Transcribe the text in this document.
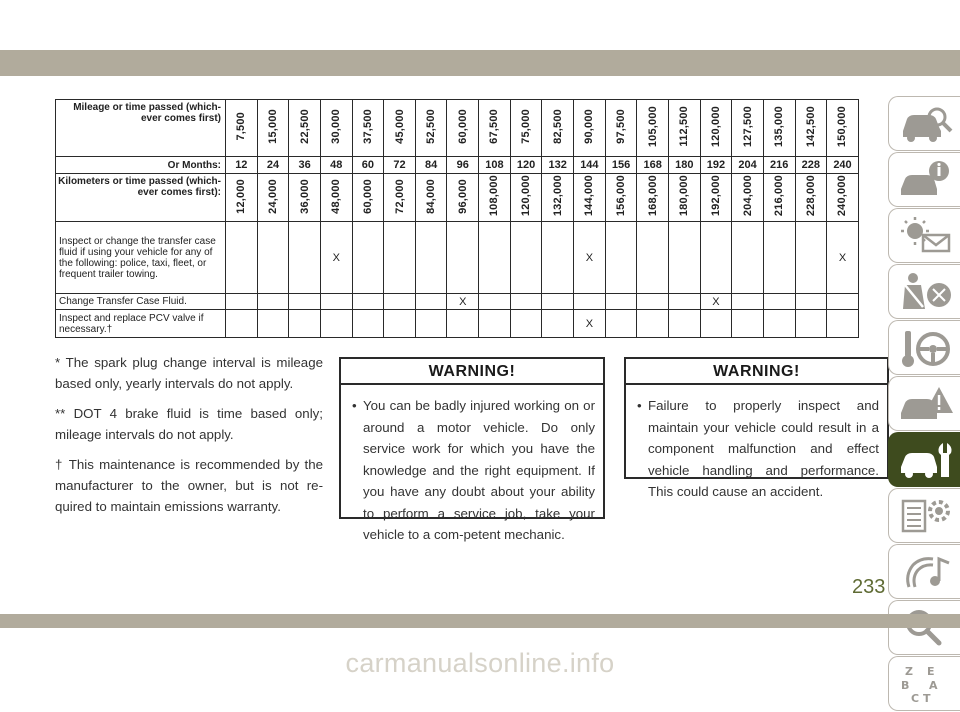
Mileage or time passed (which-ever comes first)	7,500	15,000	22,500	30,000	37,500	45,000	52,500	60,000	67,500	75,000	82,500	90,000	97,500	105,000	112,500	120,000	127,500	135,000	142,500	150,000
Or Months:	12	24	36	48	60	72	84	96	108	120	132	144	156	168	180	192	204	216	228	240
Kilometers or time passed (which-ever comes first):	12,000	24,000	36,000	48,000	60,000	72,000	84,000	96,000	108,000	120,000	132,000	144,000	156,000	168,000	180,000	192,000	204,000	216,000	228,000	240,000
Inspect or change the transfer case fluid if using your vehicle for any of the following: police, taxi, fleet, or frequent trailer towing.				X								X								X
Change Transfer Case Fluid.								X								X				
Inspect and replace PCV valve if necessary.†												X								

* The spark plug change interval is mileage based only, yearly intervals do not apply.

** DOT 4 brake fluid is time based only; mileage intervals do not apply.

† This maintenance is recommended by the manufacturer to the owner, but is not re-quired to maintain emissions warranty.

WARNING!
• You can be badly injured working on or around a motor vehicle. Do only service work for which you have the knowledge and the right equipment. If you have any doubt about your ability to perform a service job, take your vehicle to a com-petent mechanic.
WARNING!
• Failure to properly inspect and maintain your vehicle could result in a component malfunction and effect vehicle handling and performance. This could cause an accident.
Z E
B A
C T
233
carmanualsonline.info
